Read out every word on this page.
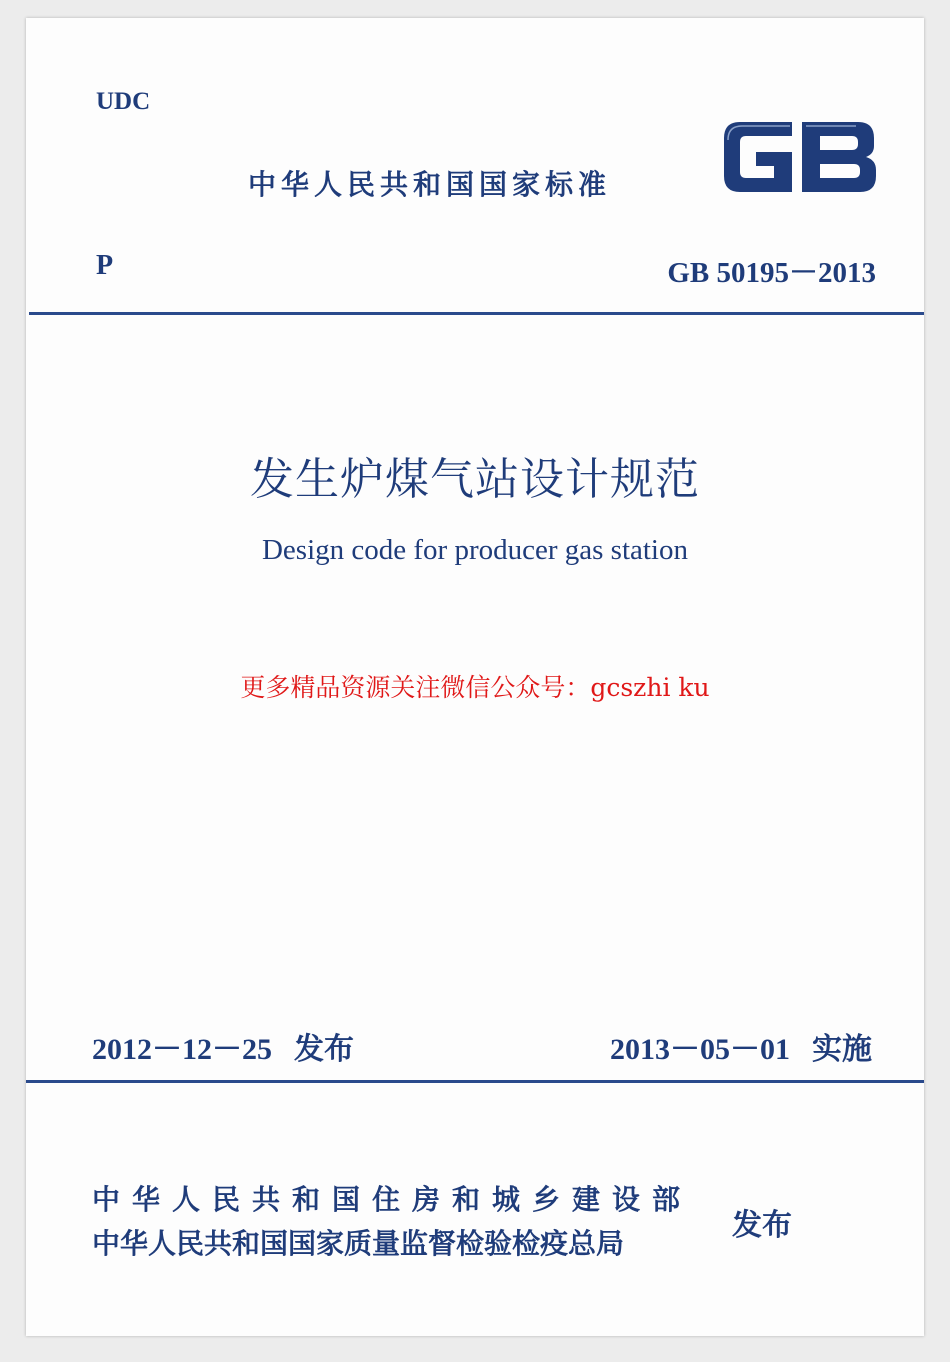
UDC
中华人民共和国国家标准
P	GB 50195－2013
发生炉煤气站设计规范
Design code for producer gas station
更多精品资源关注微信公众号：gcszhi ku
2012－12－25 发布	2013－05－01 实施
中华人民共和国住房和城乡建设部
中华人民共和国国家质量监督检验检疫总局
发布
